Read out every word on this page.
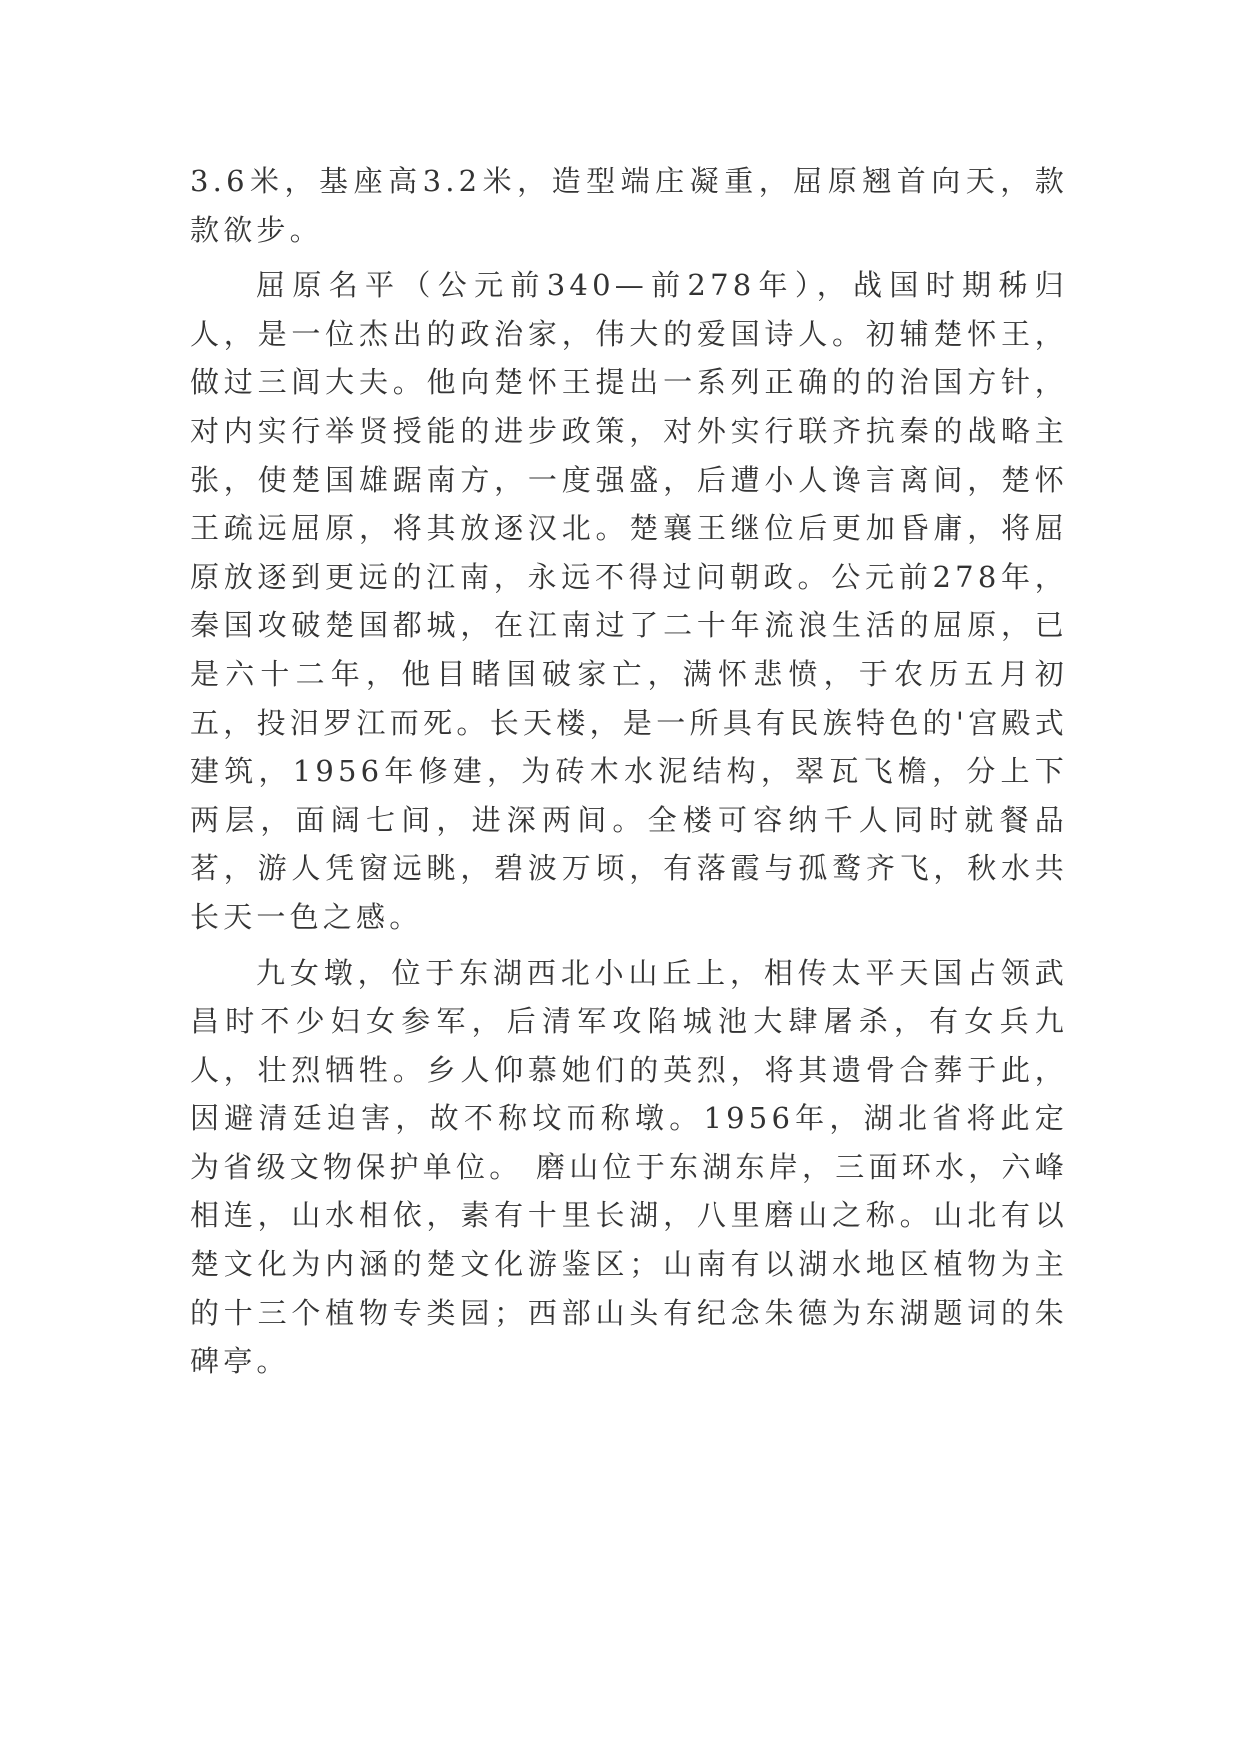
3.6米，基座高3.2米，造型端庄凝重，屈原翘首向天，款款欲步。

屈原名平（公元前340—前278年），战国时期秭归人，是一位杰出的政治家，伟大的爱国诗人。初辅楚怀王，做过三闾大夫。他向楚怀王提出一系列正确的的治国方针，对内实行举贤授能的进步政策，对外实行联齐抗秦的战略主张，使楚国雄踞南方，一度强盛，后遭小人谗言离间，楚怀王疏远屈原，将其放逐汉北。楚襄王继位后更加昏庸，将屈原放逐到更远的江南，永远不得过问朝政。公元前278年，秦国攻破楚国都城，在江南过了二十年流浪生活的屈原，已是六十二年，他目睹国破家亡，满怀悲愤，于农历五月初五，投汨罗江而死。长天楼，是一所具有民族特色的'宫殿式建筑，1956年修建，为砖木水泥结构，翠瓦飞檐，分上下两层，面阔七间，进深两间。全楼可容纳千人同时就餐品茗，游人凭窗远眺，碧波万顷，有落霞与孤鹜齐飞，秋水共长天一色之感。

九女墩，位于东湖西北小山丘上，相传太平天国占领武昌时不少妇女参军，后清军攻陷城池大肆屠杀，有女兵九人，壮烈牺牲。乡人仰慕她们的英烈，将其遗骨合葬于此，因避清廷迫害，故不称坟而称墩。1956年，湖北省将此定为省级文物保护单位。 磨山位于东湖东岸，三面环水，六峰相连，山水相依，素有十里长湖，八里磨山之称。山北有以楚文化为内涵的楚文化游鉴区；山南有以湖水地区植物为主的十三个植物专类园；西部山头有纪念朱德为东湖题词的朱碑亭。
